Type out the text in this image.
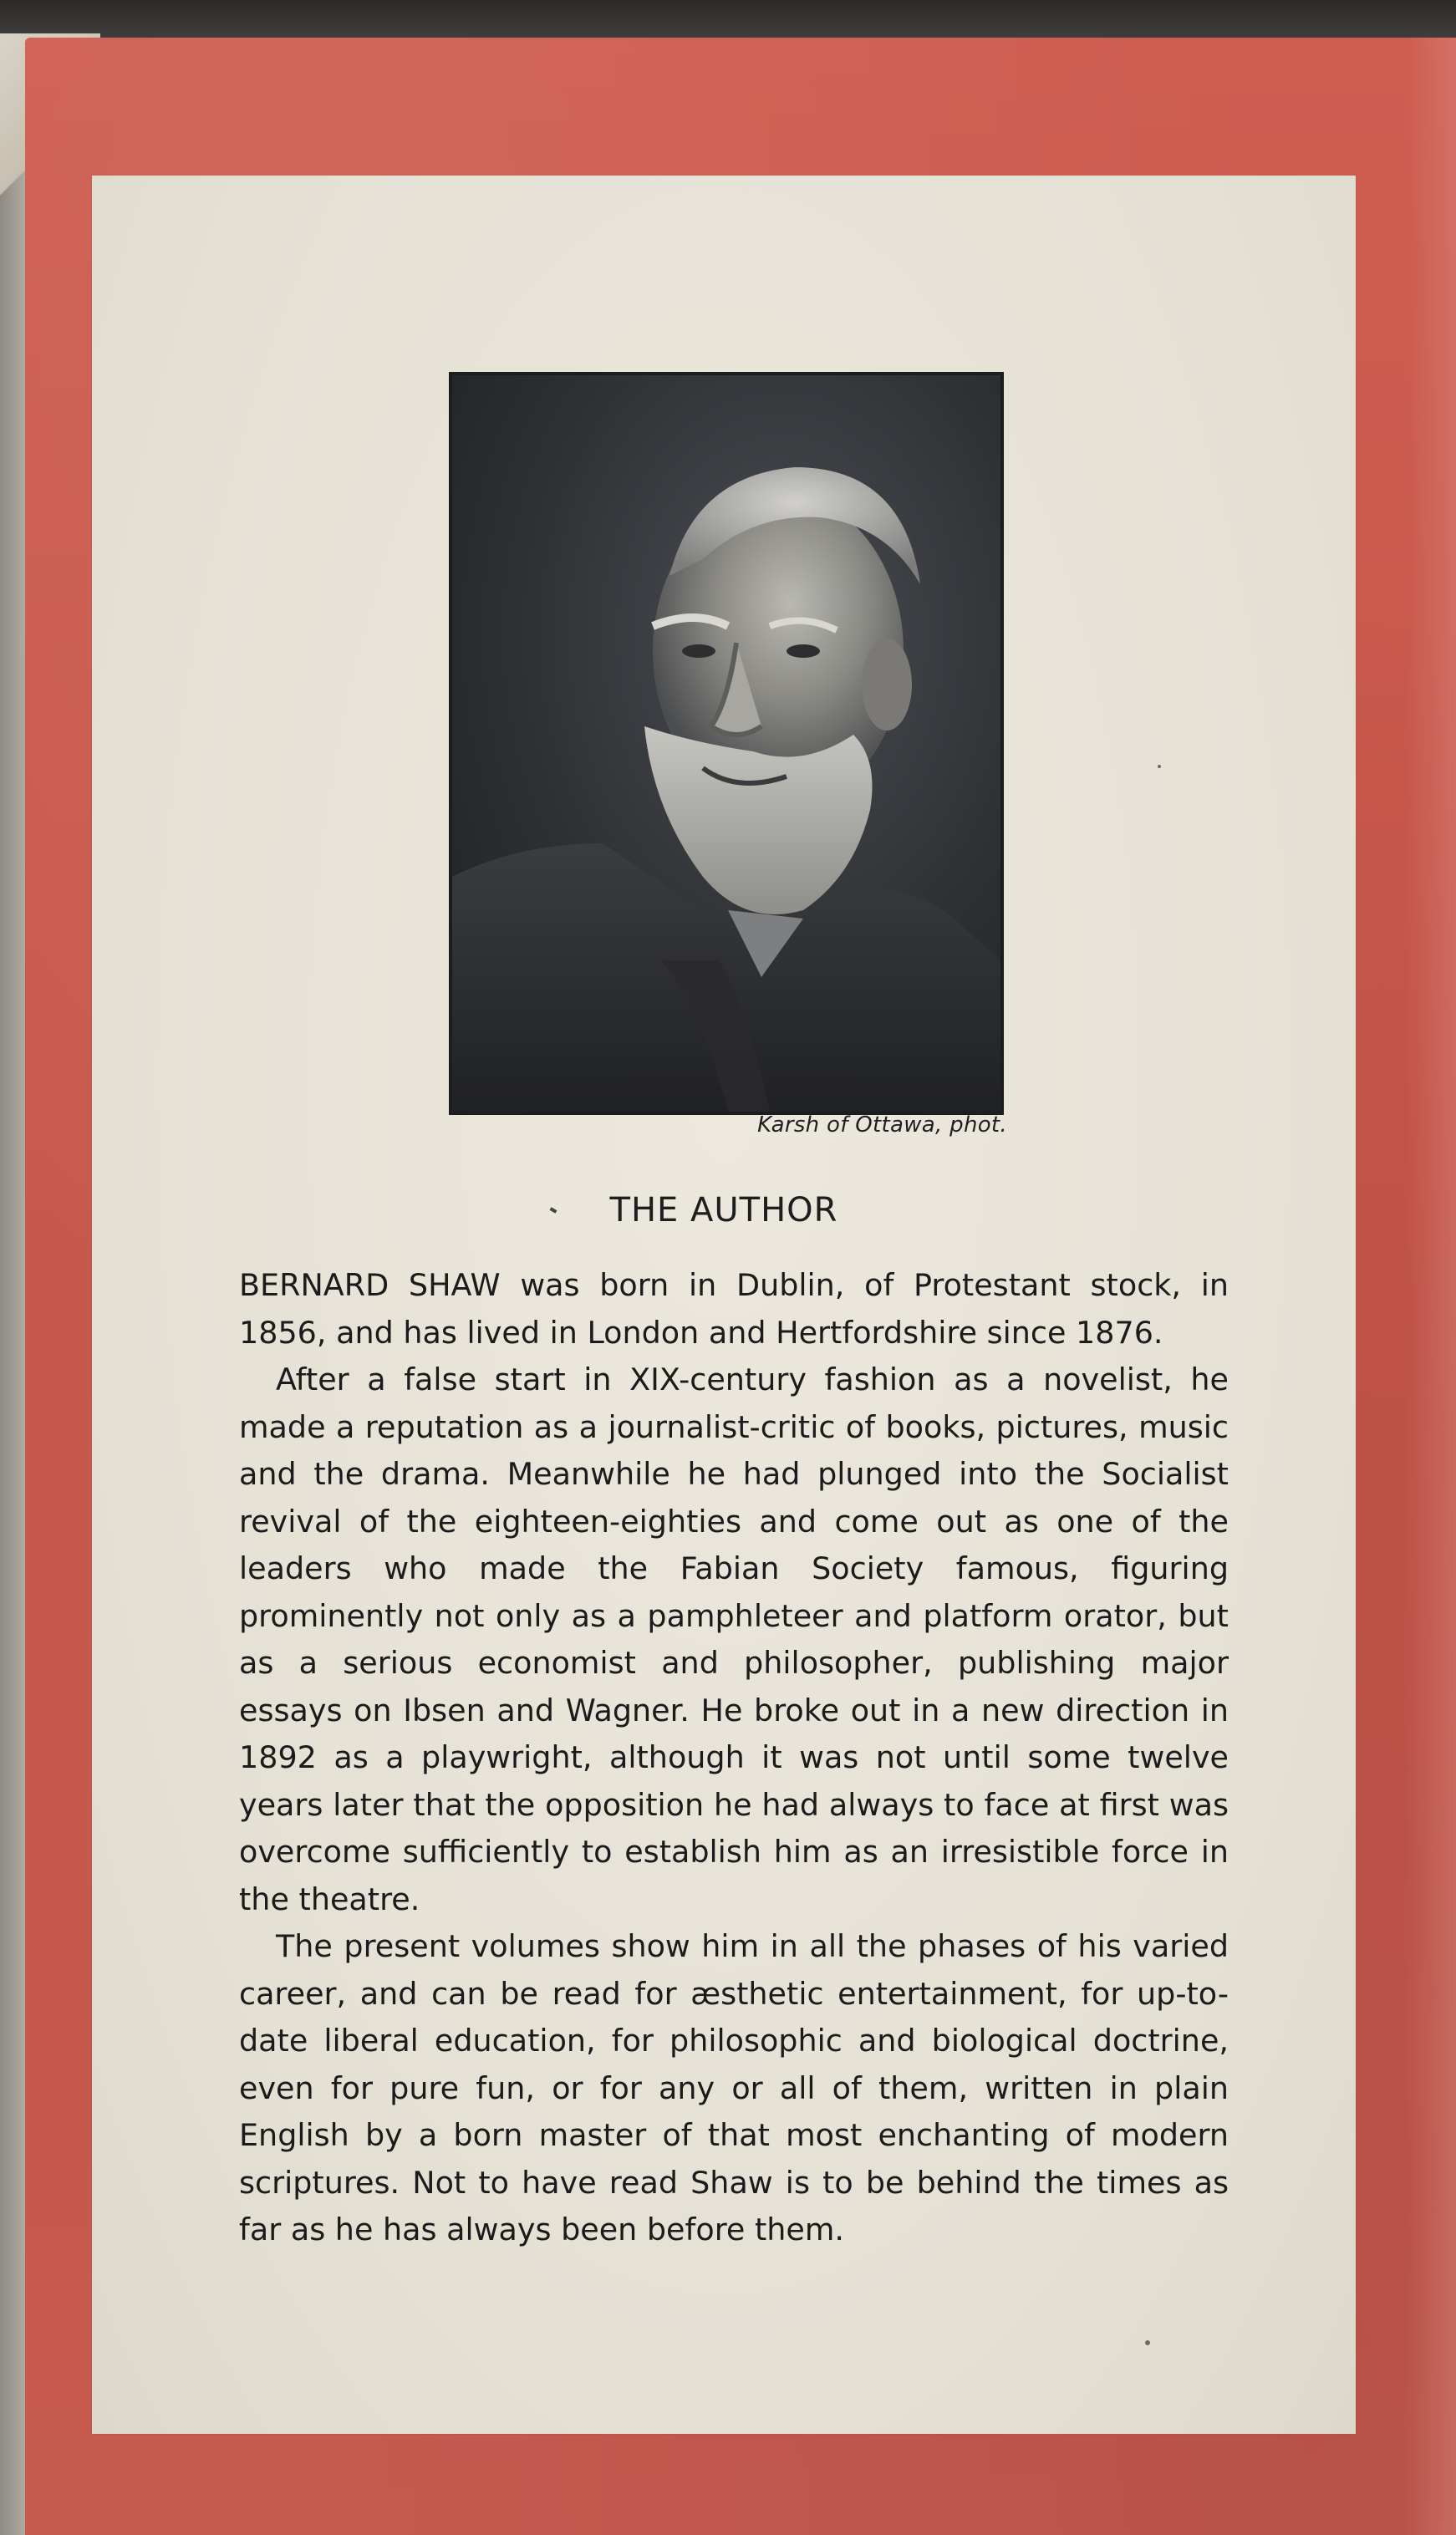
Karsh of Ottawa, phot.
THE AUTHOR

BERNARD SHAW was born in Dublin, of Protestant stock, in 1856, and has lived in London and Hertfordshire since 1876.

After a false start in XIX-century fashion as a novelist, he made a reputation as a journalist-critic of books, pictures, music and the drama. Meanwhile he had plunged into the Socialist revival of the eighteen-eighties and come out as one of the leaders who made the Fabian Society famous, figuring prominently not only as a pamphleteer and platform orator, but as a serious economist and philosopher, publishing major essays on Ibsen and Wagner. He broke out in a new direction in 1892 as a playwright, although it was not until some twelve years later that the opposition he had always to face at first was overcome sufficiently to establish him as an irresistible force in the theatre.

The present volumes show him in all the phases of his varied career, and can be read for æsthetic entertainment, for up-to-date liberal education, for philosophic and biological doctrine, even for pure fun, or for any or all of them, written in plain English by a born master of that most enchanting of modern scriptures. Not to have read Shaw is to be behind the times as far as he has always been before them.
